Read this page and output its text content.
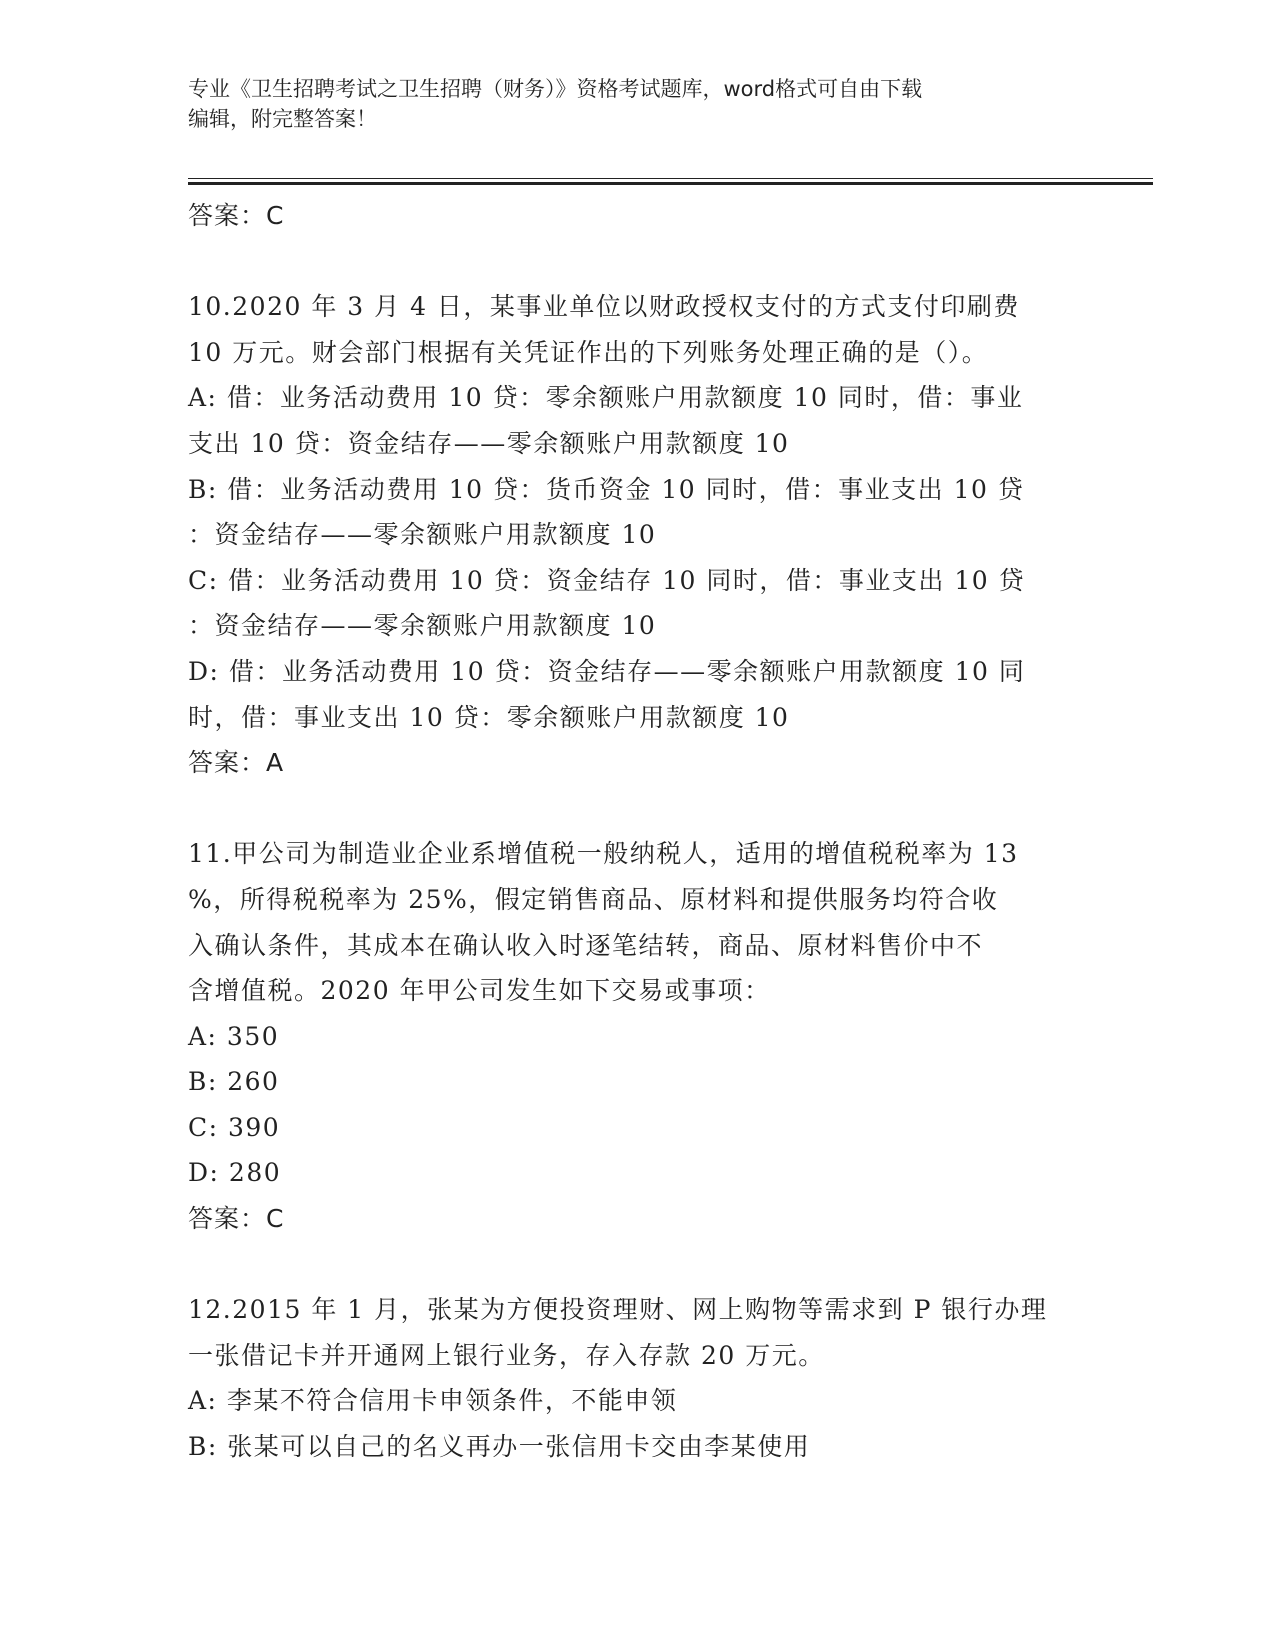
专业《卫生招聘考试之卫生招聘（财务）》资格考试题库，word格式可自由下载
编辑，附完整答案！
答案：C
10.2020 年 3 月 4 日，某事业单位以财政授权支付的方式支付印刷费
10 万元。财会部门根据有关凭证作出的下列账务处理正确的是（）。
A: 借：业务活动费用 10 贷：零余额账户用款额度 10 同时，借：事业
支出 10 贷：资金结存——零余额账户用款额度 10
B: 借：业务活动费用 10 贷：货币资金 10 同时，借：事业支出 10 贷
：资金结存——零余额账户用款额度 10
C: 借：业务活动费用 10 贷：资金结存 10 同时，借：事业支出 10 贷
：资金结存——零余额账户用款额度 10
D: 借：业务活动费用 10 贷：资金结存——零余额账户用款额度 10 同
时，借：事业支出 10 贷：零余额账户用款额度 10
答案：A
11.甲公司为制造业企业系增值税一般纳税人，适用的增值税税率为 13
%，所得税税率为 25%，假定销售商品、原材料和提供服务均符合收
入确认条件，其成本在确认收入时逐笔结转，商品、原材料售价中不
含增值税。2020 年甲公司发生如下交易或事项：
A: 350
B: 260
C: 390
D: 280
答案：C
12.2015 年 1 月，张某为方便投资理财、网上购物等需求到 P 银行办理
一张借记卡并开通网上银行业务，存入存款 20 万元。
A: 李某不符合信用卡申领条件，不能申领
B: 张某可以自己的名义再办一张信用卡交由李某使用
